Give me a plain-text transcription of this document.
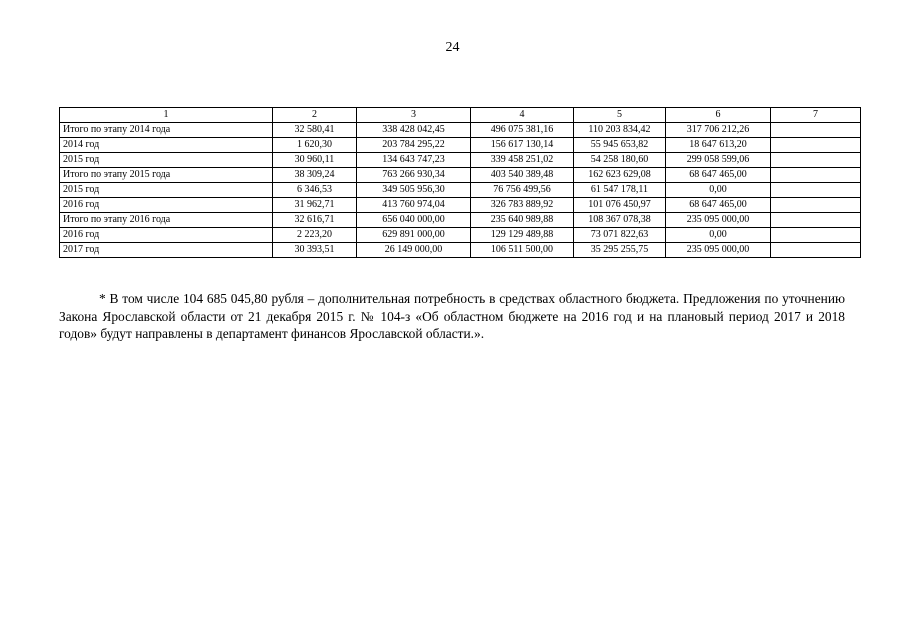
24
1	2	3	4	5	6	7
Итого по этапу 2014 года	32 580,41	338 428 042,45	496 075 381,16	110 203 834,42	317 706 212,26	
2014 год	1 620,30	203 784 295,22	156 617 130,14	55 945 653,82	18 647 613,20	
2015 год	30 960,11	134 643 747,23	339 458 251,02	54 258 180,60	299 058 599,06	
Итого по этапу 2015 года	38 309,24	763 266 930,34	403 540 389,48	162 623 629,08	68 647 465,00	
2015 год	6 346,53	349 505 956,30	76 756 499,56	61 547 178,11	0,00	
2016 год	31 962,71	413 760 974,04	326 783 889,92	101 076 450,97	68 647 465,00	
Итого по этапу 2016 года	32 616,71	656 040 000,00	235 640 989,88	108 367 078,38	235 095 000,00	
2016 год	2 223,20	629 891 000,00	129 129 489,88	73 071 822,63	0,00	
2017 год	30 393,51	26 149 000,00	106 511 500,00	35 295 255,75	235 095 000,00	
* В том числе 104 685 045,80 рубля – дополнительная потребность в средствах областного бюджета. Предложения по уточнению Закона Ярославской области от 21 декабря 2015 г. № 104-з «Об областном бюджете на 2016 год и на плановый период 2017 и 2018 годов» будут направлены в департамент финансов Ярославской области.».
